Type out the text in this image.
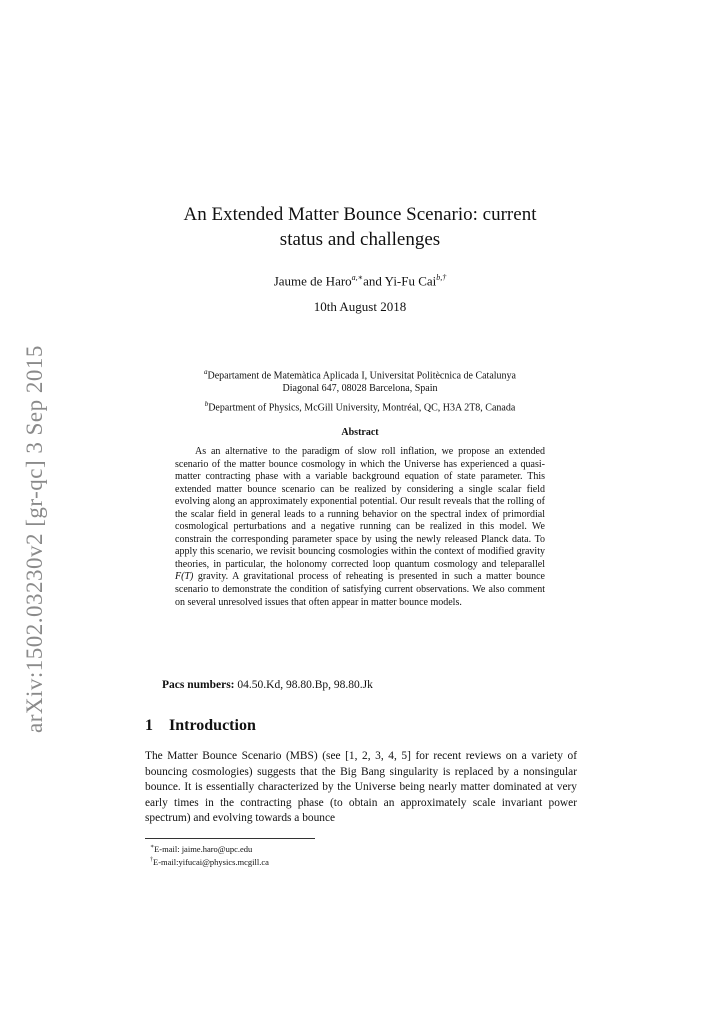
arXiv:1502.03230v2 [gr-qc] 3 Sep 2015
An Extended Matter Bounce Scenario: current
status and challenges
Jaume de Haro$^{a,∗}$and Yi-Fu Cai$^{b,\dagger}$
10th August 2018
$^a$Departament de Matemàtica Aplicada I, Universitat Politècnica de Catalunya
Diagonal 647, 08028 Barcelona, Spain
$^b$Department of Physics, McGill University, Montréal, QC, H3A 2T8, Canada
Abstract
As an alternative to the paradigm of slow roll inflation, we propose an extended scenario of the matter bounce cosmology in which the Universe has experienced a quasi-matter contracting phase with a variable background equation of state parameter. This extended matter bounce scenario can be realized by considering a single scalar field evolving along an approximately exponential potential. Our result reveals that the rolling of the scalar field in general leads to a running behavior on the spectral index of primordial cosmological perturbations and a negative running can be realized in this model. We constrain the corresponding parameter space by using the newly released Planck data. To apply this scenario, we revisit bouncing cosmologies within the context of modified gravity theories, in particular, the holonomy corrected loop quantum cosmology and teleparallel F(T) gravity. A gravitational process of reheating is presented in such a matter bounce scenario to demonstrate the condition of satisfying current observations. We also comment on several unresolved issues that often appear in matter bounce models.
Pacs numbers: 04.50.Kd, 98.80.Bp, 98.80.Jk
1 Introduction
The Matter Bounce Scenario (MBS) (see [1, 2, 3, 4, 5] for recent reviews on a variety of bouncing cosmologies) suggests that the Big Bang singularity is replaced by a nonsingular bounce. It is essentially characterized by the Universe being nearly matter dominated at very early times in the contracting phase (to obtain an approximately scale invariant power spectrum) and evolving towards a bounce
∗E-mail: jaime.haro@upc.edu
†E-mail:yifucai@physics.mcgill.ca
